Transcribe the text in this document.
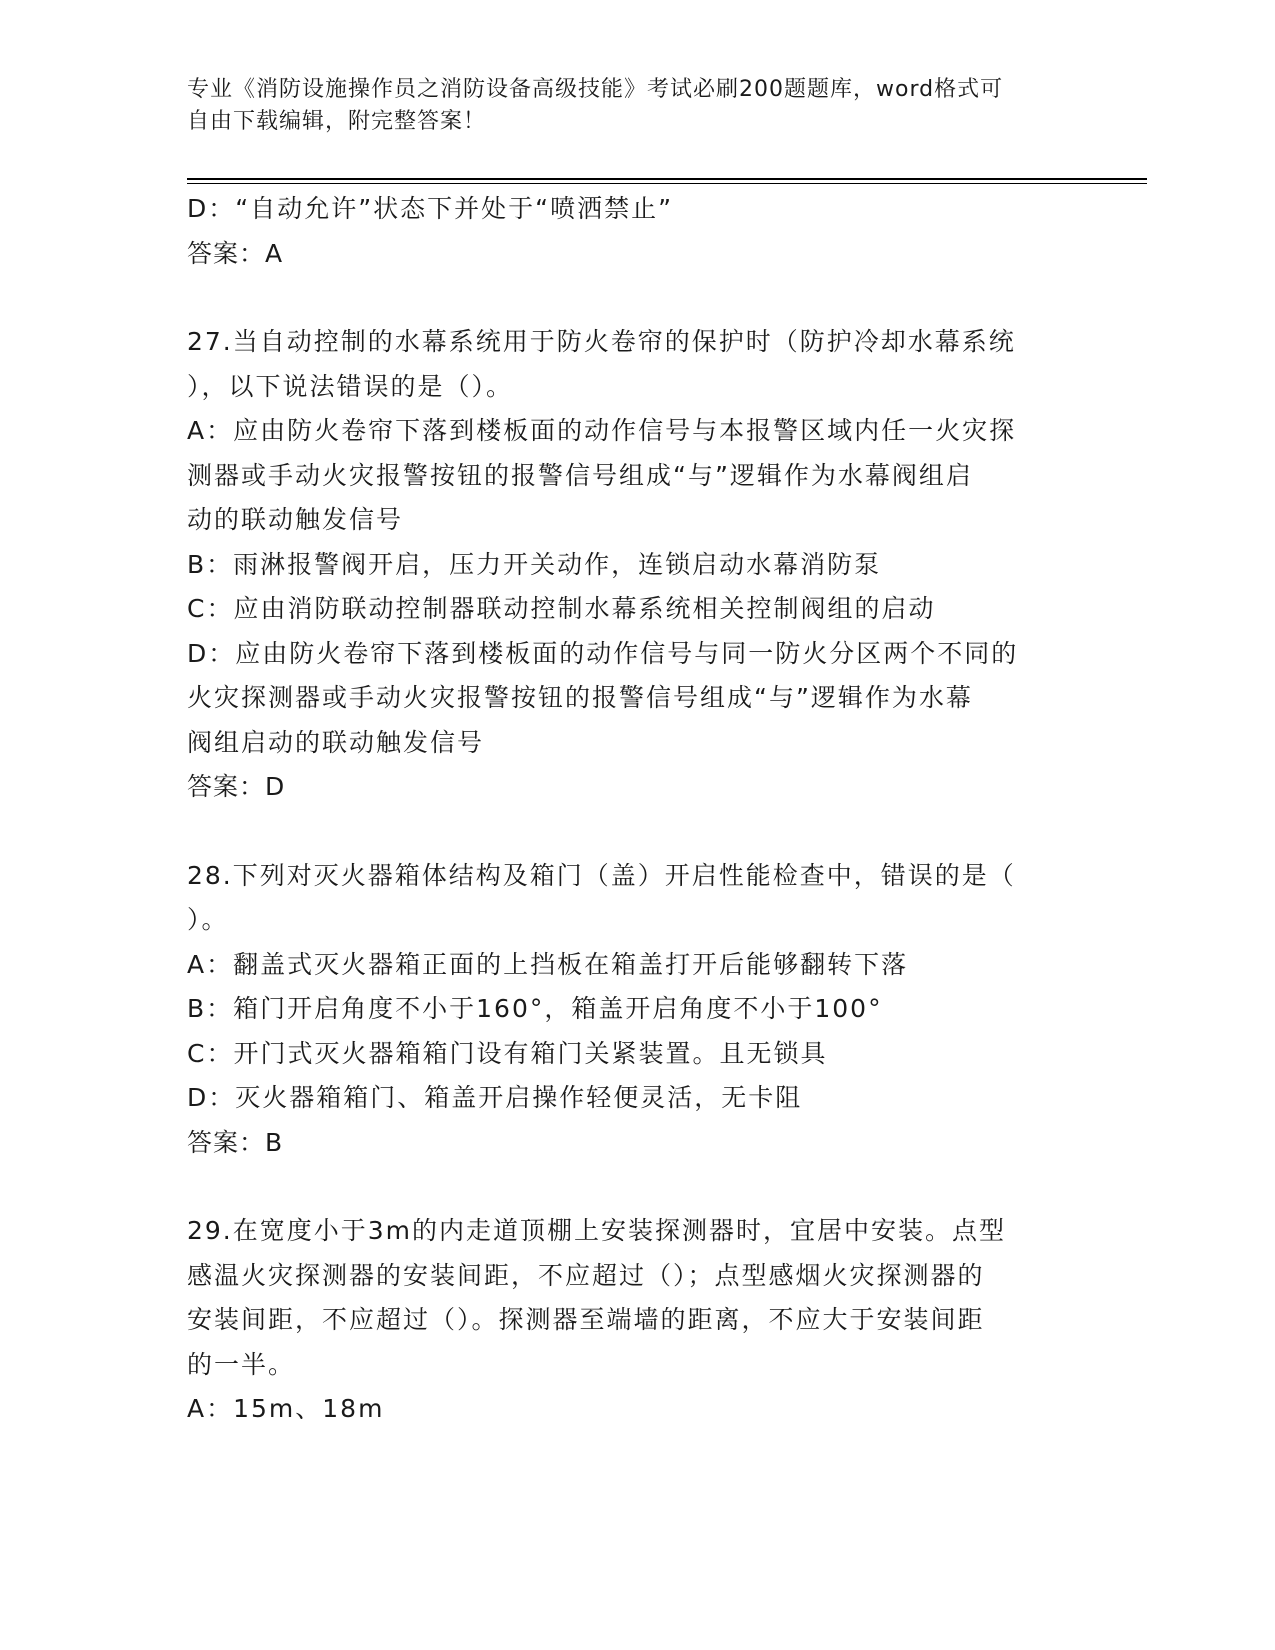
专业《消防设施操作员之消防设备高级技能》考试必刷200题题库，word格式可
自由下载编辑，附完整答案！
D：“自动允许”状态下并处于“喷洒禁止”
答案：A
27.当自动控制的水幕系统用于防火卷帘的保护时（防护冷却水幕系统
），以下说法错误的是（）。
A：应由防火卷帘下落到楼板面的动作信号与本报警区域内任一火灾探
测器或手动火灾报警按钮的报警信号组成“与”逻辑作为水幕阀组启
动的联动触发信号
B：雨淋报警阀开启，压力开关动作，连锁启动水幕消防泵
C：应由消防联动控制器联动控制水幕系统相关控制阀组的启动
D：应由防火卷帘下落到楼板面的动作信号与同一防火分区两个不同的
火灾探测器或手动火灾报警按钮的报警信号组成“与”逻辑作为水幕
阀组启动的联动触发信号
答案：D
28.下列对灭火器箱体结构及箱门（盖）开启性能检查中，错误的是（
）。
A：翻盖式灭火器箱正面的上挡板在箱盖打开后能够翻转下落
B：箱门开启角度不小于160°，箱盖开启角度不小于100°
C：开门式灭火器箱箱门设有箱门关紧装置。且无锁具
D：灭火器箱箱门、箱盖开启操作轻便灵活，无卡阻
答案：B
29.在宽度小于3m的内走道顶棚上安装探测器时，宜居中安装。点型
感温火灾探测器的安装间距，不应超过（）；点型感烟火灾探测器的
安装间距，不应超过（）。探测器至端墙的距离，不应大于安装间距
的一半。
A：15m、18m
